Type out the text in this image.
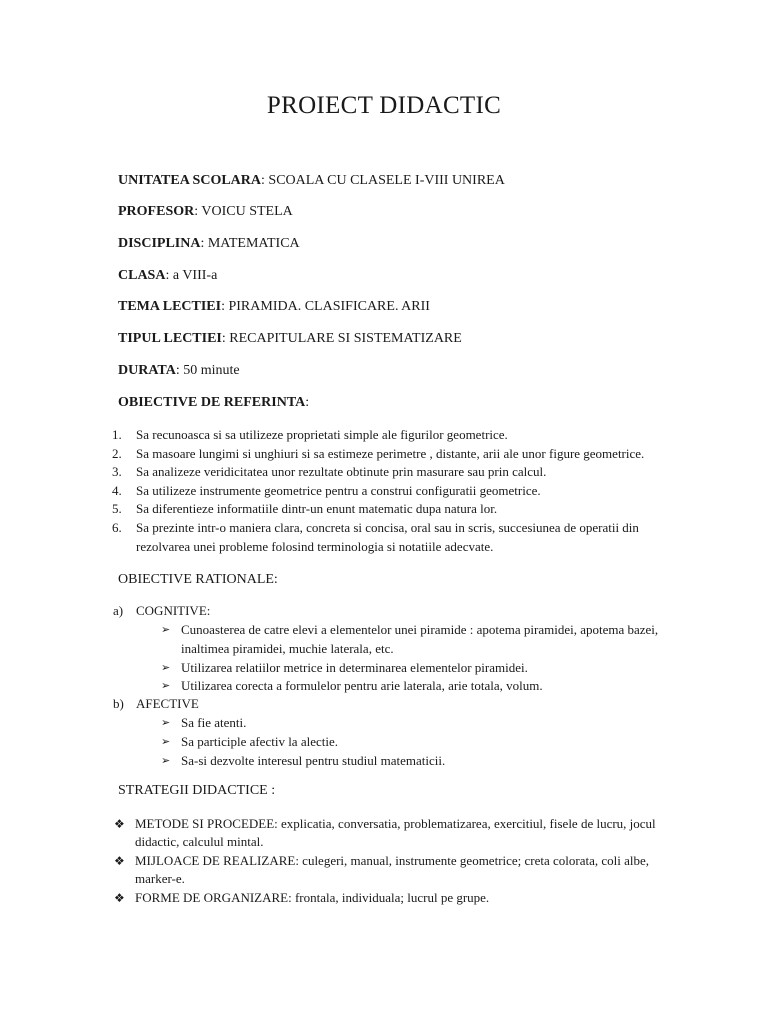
PROIECT DIDACTIC
UNITATEA SCOLARA: SCOALA CU CLASELE I-VIII UNIREA
PROFESOR: VOICU STELA
DISCIPLINA: MATEMATICA
CLASA: a VIII-a
TEMA LECTIEI: PIRAMIDA. CLASIFICARE. ARII
TIPUL LECTIEI: RECAPITULARE SI SISTEMATIZARE
DURATA: 50 minute
OBIECTIVE DE REFERINTA:
1. Sa recunoasca si sa utilizeze proprietati simple ale figurilor geometrice.
2. Sa masoare lungimi si unghiuri si sa estimeze perimetre , distante, arii ale unor figure geometrice.
3. Sa analizeze veridicitatea unor rezultate obtinute prin masurare sau prin calcul.
4. Sa utilizeze instrumente geometrice pentru a construi configuratii geometrice.
5. Sa diferentieze informatiile dintr-un enunt matematic dupa natura lor.
6. Sa prezinte intr-o maniera clara, concreta si concisa, oral sau in scris, succesiunea de operatii din rezolvarea unei probleme folosind terminologia si notatiile adecvate.
OBIECTIVE RATIONALE:
a) COGNITIVE:
➢ Cunoasterea de catre elevi a elementelor unei piramide : apotema piramidei, apotema bazei, inaltimea piramidei, muchie laterala, etc.
➢ Utilizarea relatiilor metrice in determinarea elementelor piramidei.
➢ Utilizarea corecta a formulelor pentru arie laterala, arie totala, volum.
b) AFECTIVE
➢ Sa fie atenti.
➢ Sa participle afectiv la alectie.
➢ Sa-si dezvolte interesul pentru studiul matematicii.
STRATEGII DIDACTICE :
❖ METODE SI PROCEDEE: explicatia, conversatia, problematizarea, exercitiul, fisele de lucru, jocul didactic, calculul mintal.
❖ MIJLOACE DE REALIZARE: culegeri, manual, instrumente geometrice; creta colorata, coli albe, marker-e.
❖ FORME DE ORGANIZARE: frontala, individuala; lucrul pe grupe.
